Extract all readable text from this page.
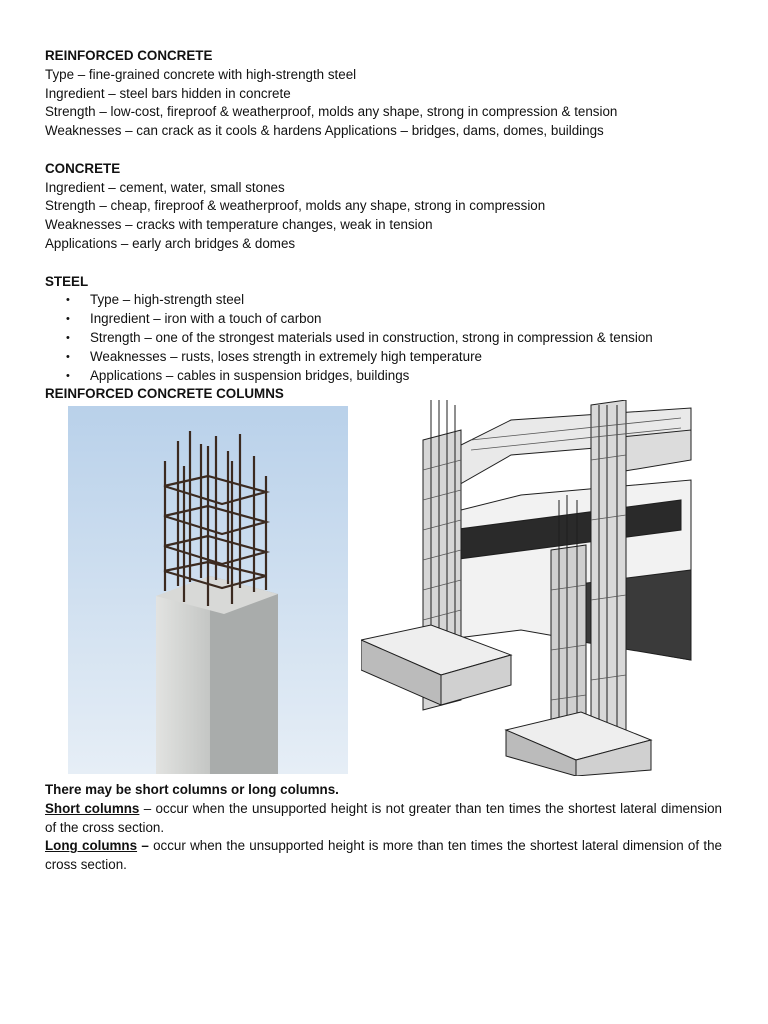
REINFORCED CONCRETE
Type – fine-grained concrete with high-strength steel
Ingredient – steel bars hidden in concrete
Strength – low-cost, fireproof & weatherproof, molds any shape, strong in compression & tension
Weaknesses – can crack as it cools & hardens Applications – bridges, dams, domes, buildings
CONCRETE
Ingredient – cement, water, small stones
Strength – cheap, fireproof & weatherproof, molds any shape, strong in compression
Weaknesses – cracks with temperature changes, weak in tension
Applications – early arch bridges & domes
STEEL
• Type – high-strength steel
• Ingredient – iron with a touch of carbon
• Strength – one of the strongest materials used in construction, strong in compression & tension
• Weaknesses – rusts, loses strength in extremely high temperature
• Applications – cables in suspension bridges, buildings
REINFORCED CONCRETE COLUMNS

There may be short columns or long columns.

Short columns – occur when the unsupported height is not greater than ten times the shortest lateral dimension of the cross section.

Long columns – occur when the unsupported height is more than ten times the shortest lateral dimension of the cross section.
